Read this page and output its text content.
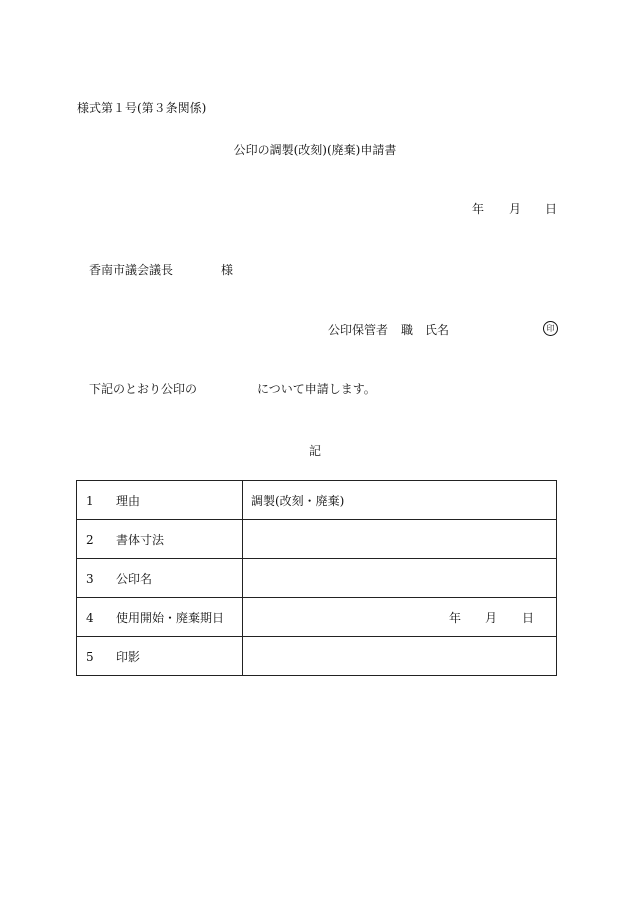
様式第１号(第３条関係)
公印の調製(改刻)(廃棄)申請書
年 月 日
香南市議会議長	様
公印保管者 職 氏名	印
下記のとおり公印の	について申請します。
記
1 理由	調製(改刻・廃棄)
2 書体寸法	
3 公印名	
4 使用開始・廃棄期日	年 月 日

5 印影	
